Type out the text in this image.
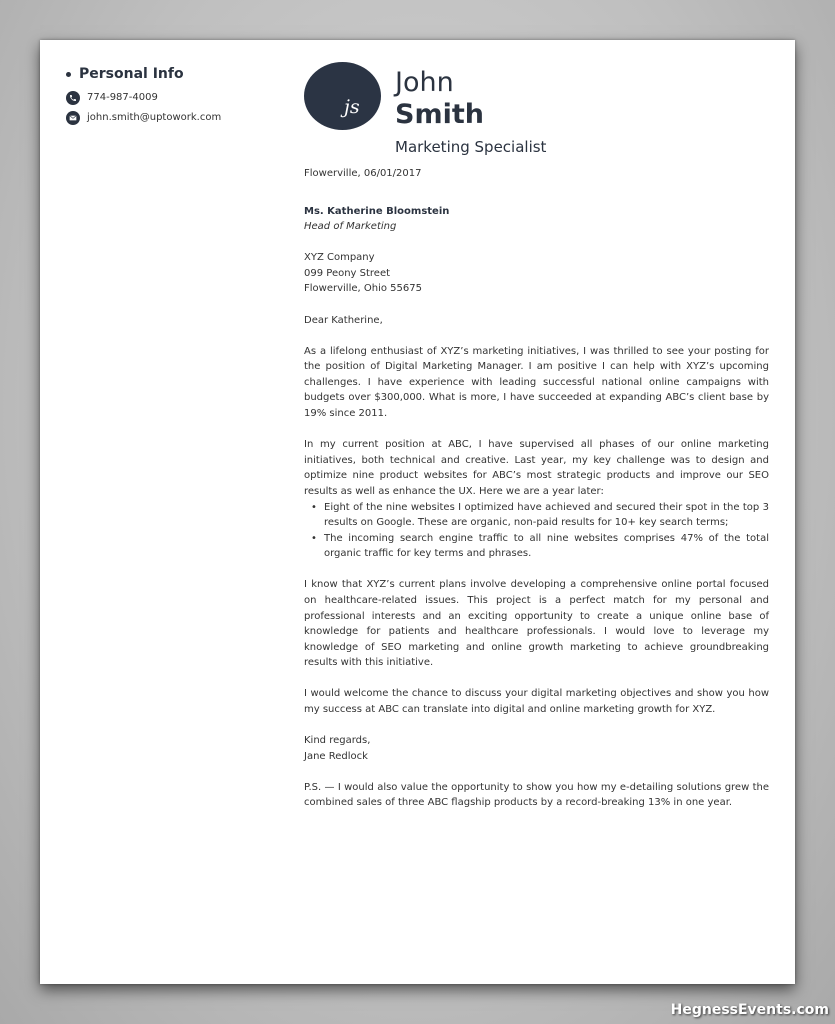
Personal Info
774-987-4009
john.smith@uptowork.com	js
John
Smith
Marketing Specialist

Flowerville, 06/01/2017

Ms. Katherine Bloomstein

Head of Marketing

XYZ Company

099 Peony Street

Flowerville, Ohio 55675

Dear Katherine,

As a lifelong enthusiast of XYZ’s marketing initiatives, I was thrilled to see your posting for the position of Digital Marketing Manager. I am positive I can help with XYZ’s upcoming challenges. I have experience with leading successful national online campaigns with budgets over $300,000. What is more, I have succeeded at expanding ABC’s client base by 19% since 2011.

In my current position at ABC, I have supervised all phases of our online marketing initiatives, both technical and creative. Last year, my key challenge was to design and optimize nine product websites for ABC’s most strategic products and improve our SEO results as well as enhance the UX. Here we are a year later:

• Eight of the nine websites I optimized have achieved and secured their spot in the top 3 results on Google. These are organic, non-paid results for 10+ key search terms;
• The incoming search engine traffic to all nine websites comprises 47% of the total organic traffic for key terms and phrases.

I know that XYZ’s current plans involve developing a comprehensive online portal focused on healthcare-related issues. This project is a perfect match for my personal and professional interests and an exciting opportunity to create a unique online base of knowledge for patients and healthcare professionals. I would love to leverage my knowledge of SEO marketing and online growth marketing to achieve groundbreaking results with this initiative.

I would welcome the chance to discuss your digital marketing objectives and show you how my success at ABC can translate into digital and online marketing growth for XYZ.

Kind regards,

Jane Redlock

P.S. — I would also value the opportunity to show you how my e-detailing solutions grew the combined sales of three ABC flagship products by a record-breaking 13% in one year.

HegnessEvents.com
